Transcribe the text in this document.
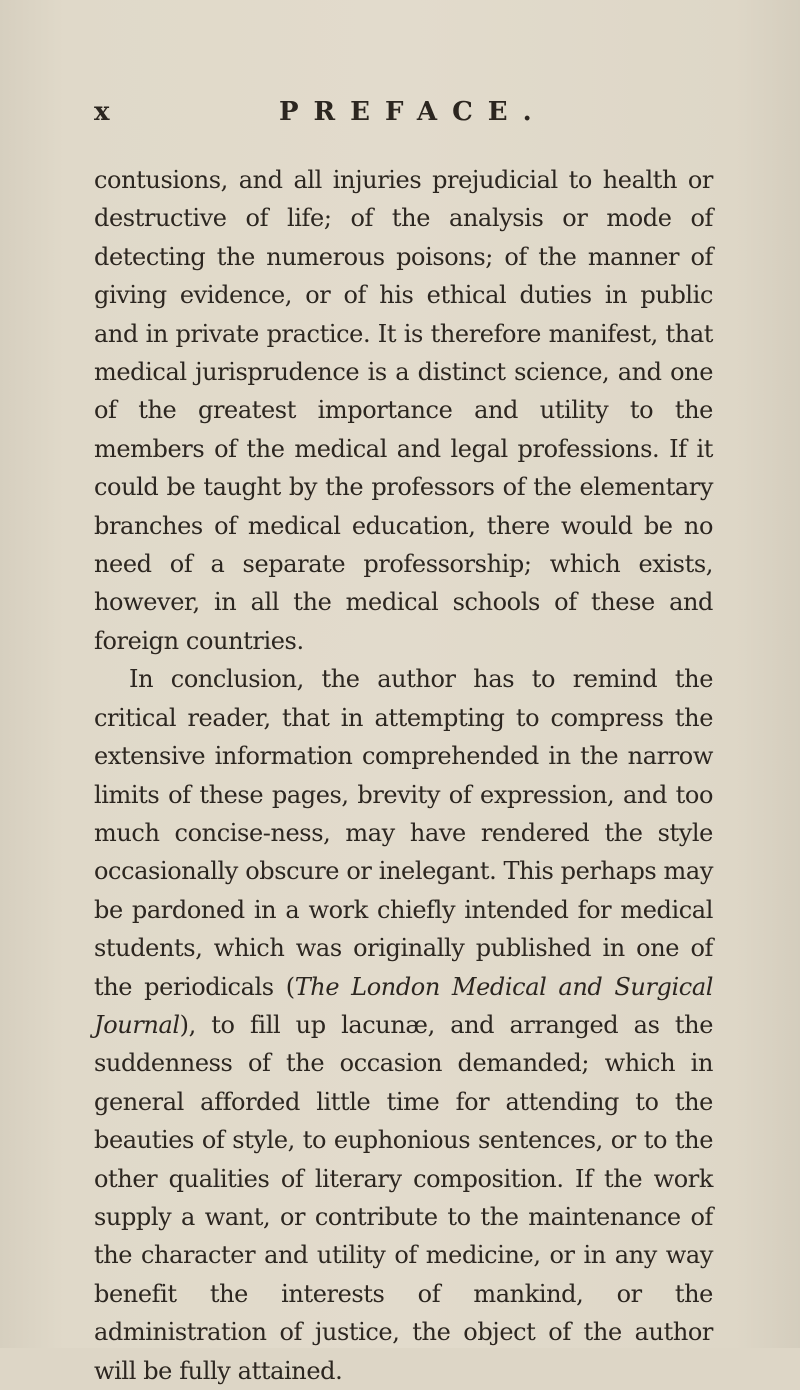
x	PREFACE.

contusions, and all injuries prejudicial to health or destructive of life; of the analysis or mode of detecting the numerous poisons; of the manner of giving evidence, or of his ethical duties in public and in private practice. It is therefore manifest, that medical jurisprudence is a distinct science, and one of the greatest importance and utility to the members of the medical and legal professions. If it could be taught by the professors of the elementary branches of medical education, there would be no need of a separate professorship; which exists, however, in all the medical schools of these and foreign countries.

In conclusion, the author has to remind the critical reader, that in attempting to compress the extensive information comprehended in the narrow limits of these pages, brevity of expression, and too much concise-ness, may have rendered the style occasionally obscure or inelegant. This perhaps may be pardoned in a work chiefly intended for medical students, which was originally published in one of the periodicals (The London Medical and Surgical Journal), to fill up lacunæ, and arranged as the suddenness of the occasion demanded; which in general afforded little time for attending to the beauties of style, to euphonious sentences, or to the other qualities of literary composition. If the work supply a want, or contribute to the maintenance of the character and utility of medicine, or in any way benefit the interests of mankind, or the administration of justice, the object of the author will be fully attained.
